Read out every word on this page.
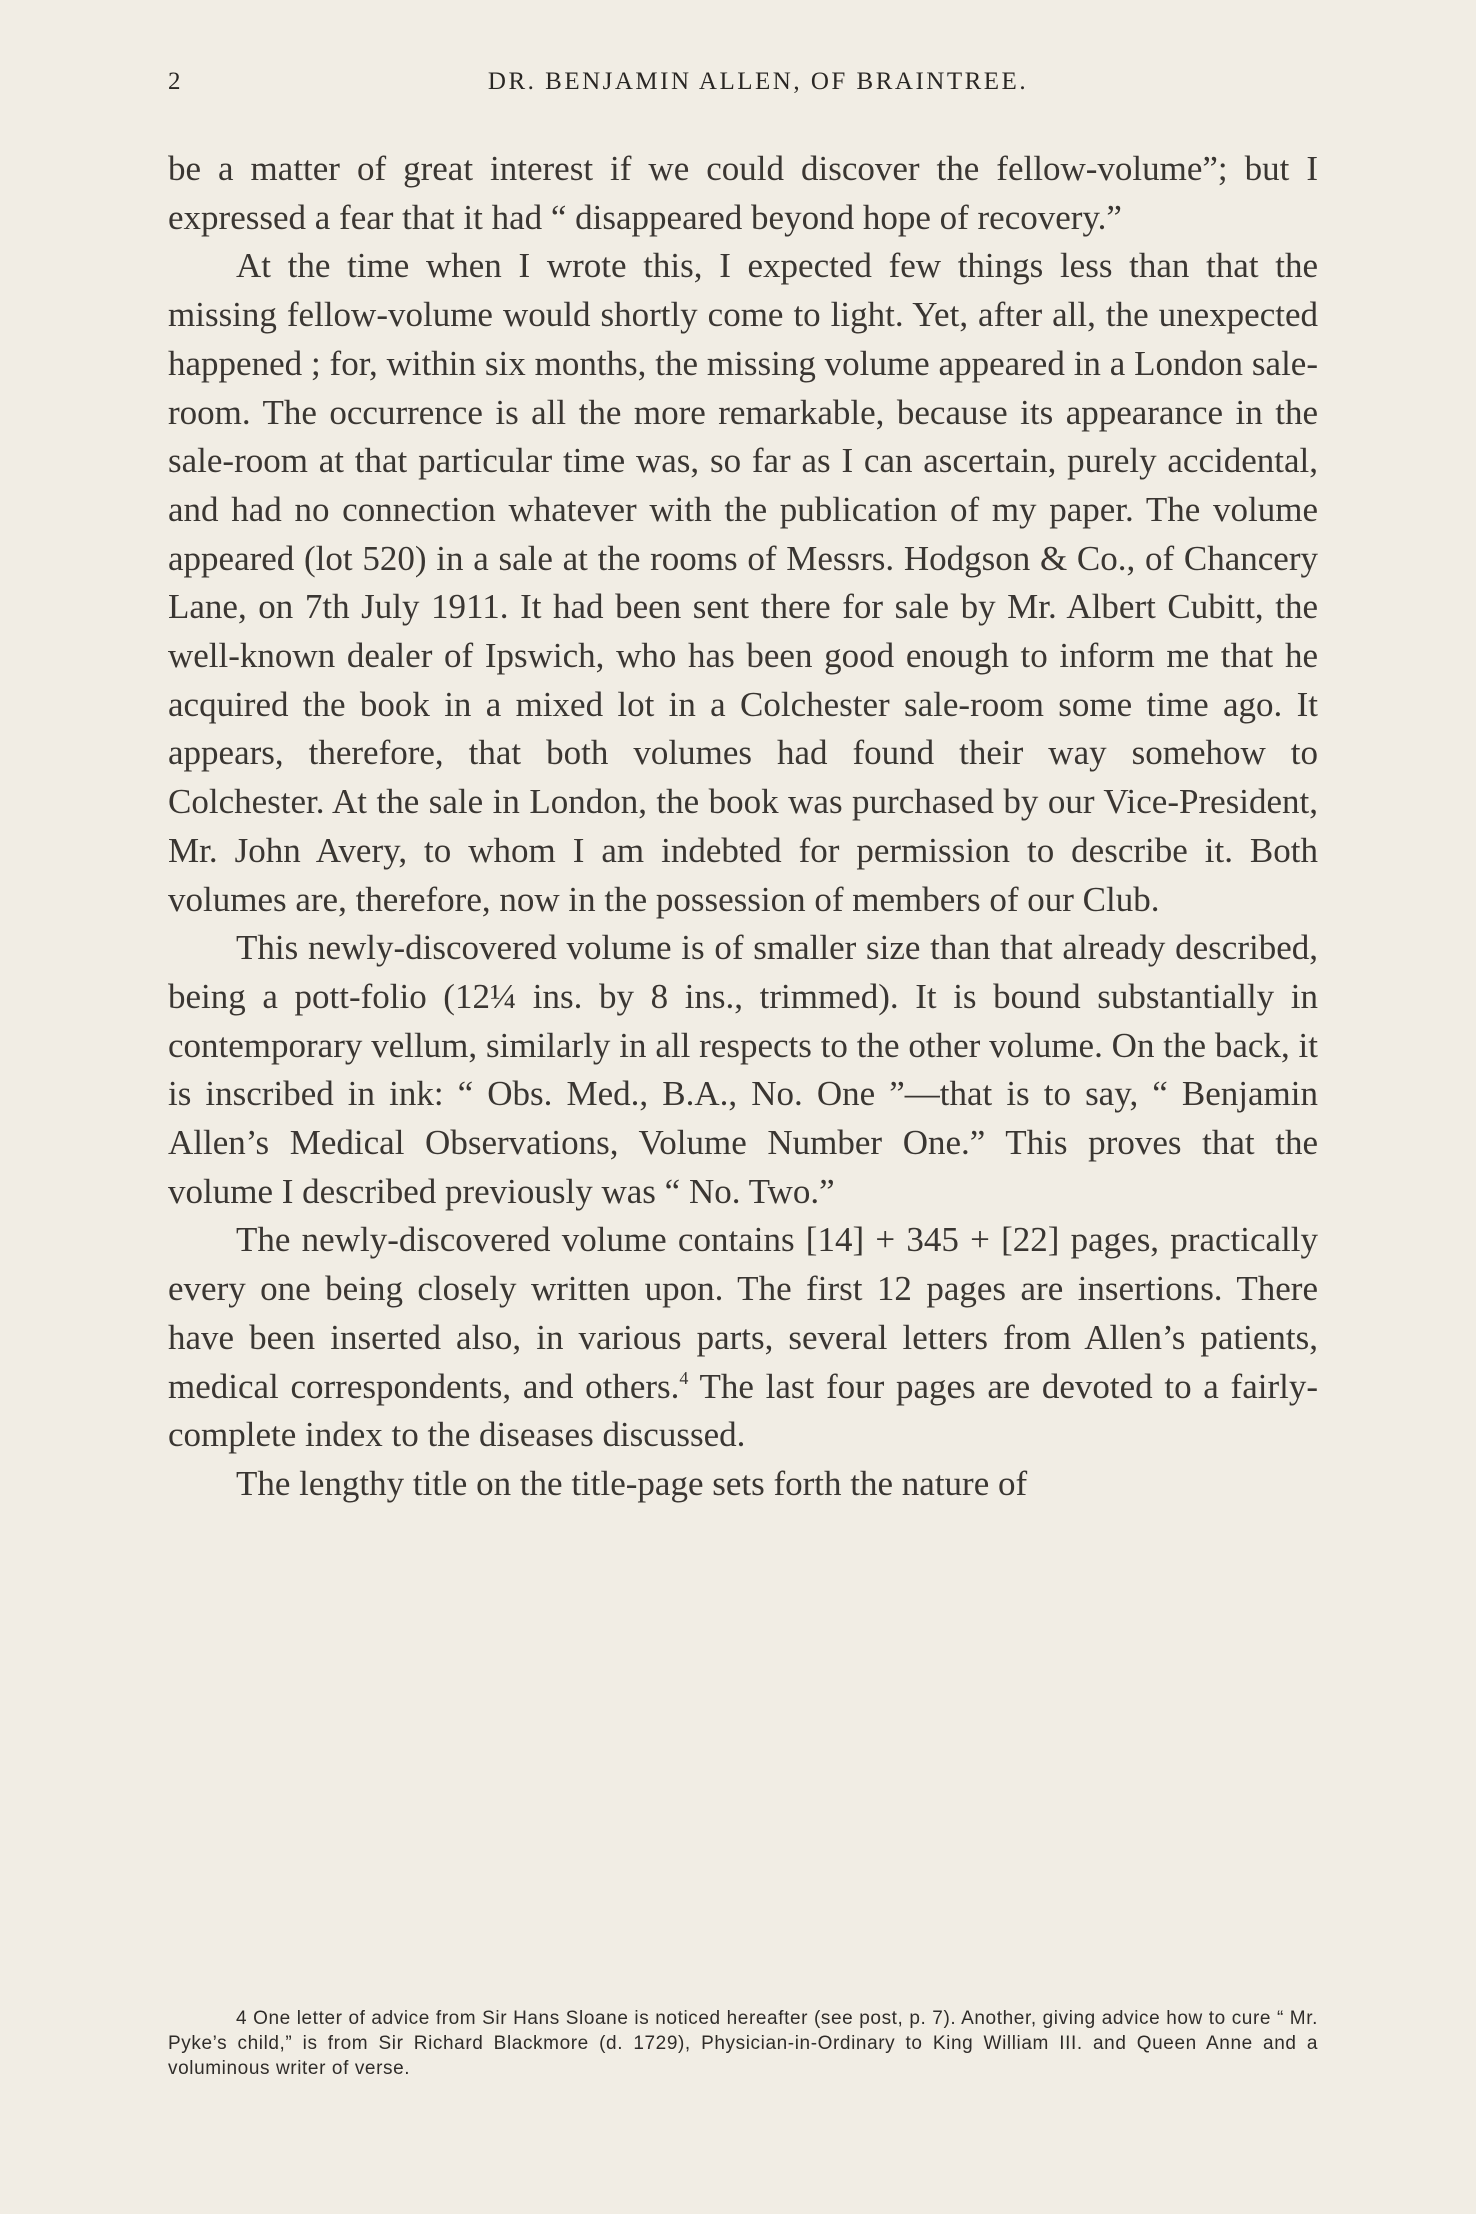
2	DR. BENJAMIN ALLEN, OF BRAINTREE.

be a matter of great interest if we could discover the fellow-volume”; but I expressed a fear that it had “ disappeared beyond hope of recovery.”

At the time when I wrote this, I expected few things less than that the missing fellow-volume would shortly come to light. Yet, after all, the unexpected happened ; for, within six months, the missing volume appeared in a London sale-room. The occurrence is all the more remarkable, because its appearance in the sale-room at that particular time was, so far as I can ascertain, purely accidental, and had no connection whatever with the publication of my paper. The volume appeared (lot 520) in a sale at the rooms of Messrs. Hodgson & Co., of Chancery Lane, on 7th July 1911. It had been sent there for sale by Mr. Albert Cubitt, the well-known dealer of Ipswich, who has been good enough to inform me that he acquired the book in a mixed lot in a Colchester sale-room some time ago. It appears, therefore, that both volumes had found their way somehow to Colchester. At the sale in London, the book was purchased by our Vice-President, Mr. John Avery, to whom I am indebted for permission to describe it. Both volumes are, therefore, now in the possession of members of our Club.

This newly-discovered volume is of smaller size than that already described, being a pott-folio (12¼ ins. by 8 ins., trimmed). It is bound substantially in contemporary vellum, similarly in all respects to the other volume. On the back, it is inscribed in ink: “ Obs. Med., B.A., No. One ”—that is to say, “ Benjamin Allen’s Medical Observations, Volume Number One.” This proves that the volume I described previously was “ No. Two.”

The newly-discovered volume contains [14] + 345 + [22] pages, practically every one being closely written upon. The first 12 pages are insertions. There have been inserted also, in various parts, several letters from Allen’s patients, medical correspondents, and others.$^4$ The last four pages are devoted to a fairly-complete index to the diseases discussed.

The lengthy title on the title-page sets forth the nature of

4 One letter of advice from Sir Hans Sloane is noticed hereafter (see post, p. 7). Another, giving advice how to cure “ Mr. Pyke’s child,” is from Sir Richard Blackmore (d. 1729), Physician-in-Ordinary to King William III. and Queen Anne and a voluminous writer of verse.
